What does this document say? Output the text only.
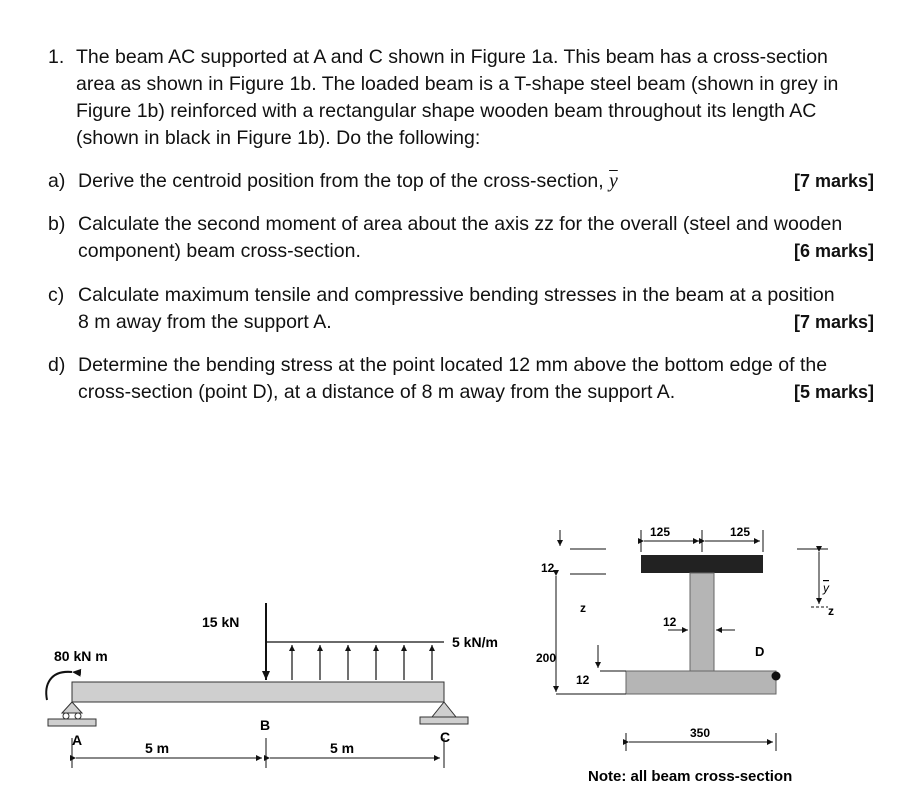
1. The beam AC supported at A and C shown in Figure 1a. This beam has a cross-section
area as shown in Figure 1b. The loaded beam is a T-shape steel beam (shown in grey in
Figure 1b) reinforced with a rectangular shape wooden beam throughout its length AC
(shown in black in Figure 1b). Do the following:
a) Derive the centroid position from the top of the cross-section, $\overline{y}$	[7 marks]
b) Calculate the second moment of area about the axis zz for the overall (steel and wooden
component) beam cross-section.	[6 marks]
c) Calculate maximum tensile and compressive bending stresses in the beam at a position
8 m away from the support A.	[7 marks]
d) Determine the bending stress at the point located 12 mm above the bottom edge of the
cross-section (point D), at a distance of 8 m away from the support A.	[5 marks]
80 kN m
15 kN
5 kN/m
A	C
B
5 m	5 m
D
125	125
12
200
12
z
12
y
z
350
Note: all beam cross-section
